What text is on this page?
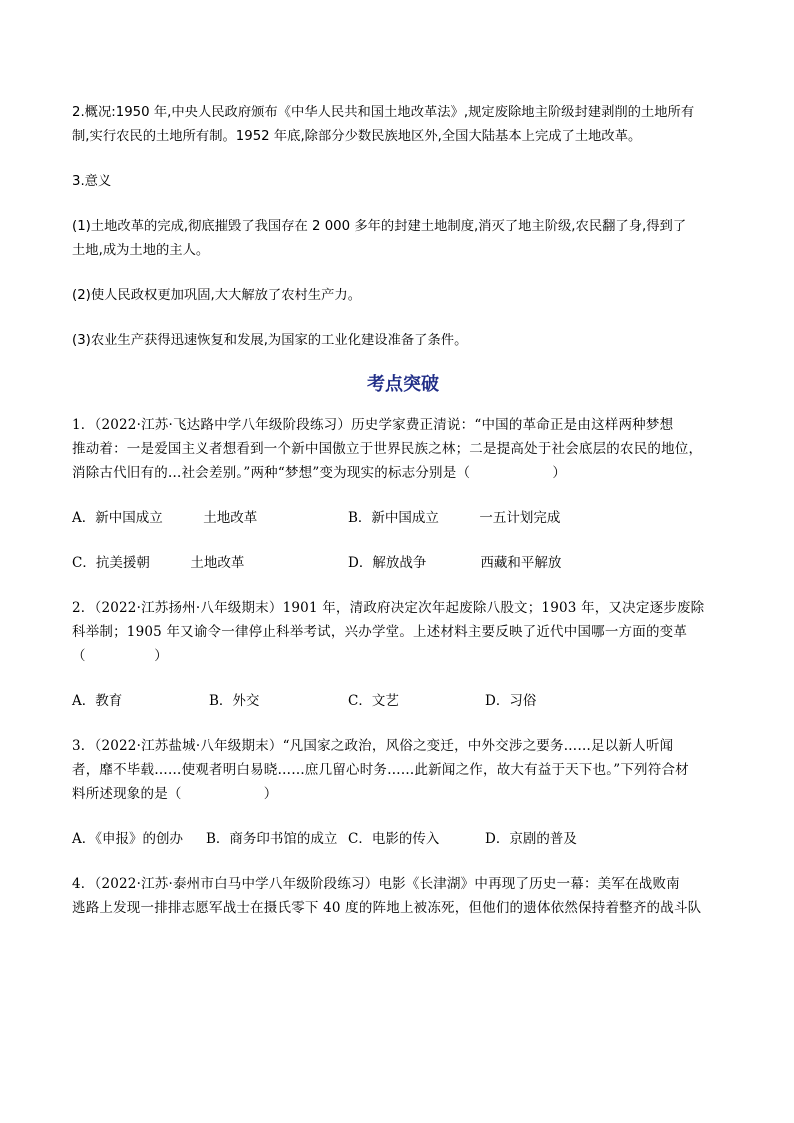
2.概况:1950 年,中央人民政府颁布《中华人民共和国土地改革法》,规定废除地主阶级封建剥削的土地所有

制,实行农民的土地所有制。1952 年底,除部分少数民族地区外,全国大陆基本上完成了土地改革。

3.意义

(1)土地改革的完成,彻底摧毁了我国存在 2 000 多年的封建土地制度,消灭了地主阶级,农民翻了身,得到了

土地,成为土地的主人。

(2)使人民政权更加巩固,大大解放了农村生产力。

(3)农业生产获得迅速恢复和发展,为国家的工业化建设准备了条件。

考点突破

1．（2022·江苏·飞达路中学八年级阶段练习）历史学家费正清说：“中国的革命正是由这样两种梦想

推动着：一是爱国主义者想看到一个新中国傲立于世界民族之林；二是提高处于社会底层的农民的地位，

消除古代旧有的…社会差别。”两种“梦想”变为现实的标志分别是（　　　　　　）

A．新中国成立　　　土地改革	B．新中国成立　　　一五计划完成
C．抗美援朝　　　土地改革	D．解放战争　　　　西藏和平解放

2．（2022·江苏扬州·八年级期末）1901 年，清政府决定次年起废除八股文；1903 年，又决定逐步废除

科举制；1905 年又谕令一律停止科举考试，兴办学堂。上述材料主要反映了近代中国哪一方面的变革

（　　　　　）

A．教育	B．外交	C．文艺	D．习俗

3．（2022·江苏盐城·八年级期末）“凡国家之政治，风俗之变迁，中外交涉之要务……足以新人听闻

者，靡不毕载……使观者明白易晓……庶几留心时务……此新闻之作，故大有益于天下也。”下列符合材

料所述现象的是（　　　　　　）

A．《申报》的创办 B．商务印书馆的成立 C．电影的传入	D．京剧的普及

4．（2022·江苏·泰州市白马中学八年级阶段练习）电影《长津湖》中再现了历史一幕：美军在战败南

逃路上发现一排排志愿军战士在摄氏零下 40 度的阵地上被冻死，但他们的遗体依然保持着整齐的战斗队
